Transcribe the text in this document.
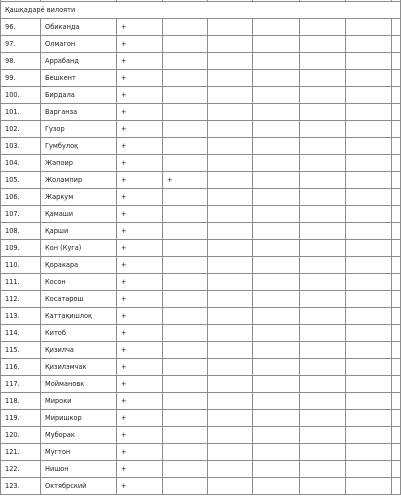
Қашқадарё вилояти								
96.	Обиканда	+						
97.	Олмагон	+						
98.	Аррабанд	+						
99.	Бешкент	+						
100.	Бирдала	+						
101.	Варганза	+						
102.	Гузор	+						
103.	Гумбулоқ	+						
104.	Жапоир	+						
105.	Жолампир	+	+					
106.	Жаркум	+						
107.	Қамаши	+						
108.	Қарши	+						
109.	Кон (Куга)	+						
110.	Қоракара	+						
111.	Косон	+						
112.	Косатарош	+						
113.	Каттақишлоқ	+						
114.	Китоб	+						
115.	Қизилча	+						
116.	Қизилэмчак	+						
117.	Моймановк	+						
118.	Мироки	+						
119.	Миришкор	+						
120.	Муборак	+						
121.	Мугтон	+						
122.	Нишон	+						
123.	Октябрский	+						
